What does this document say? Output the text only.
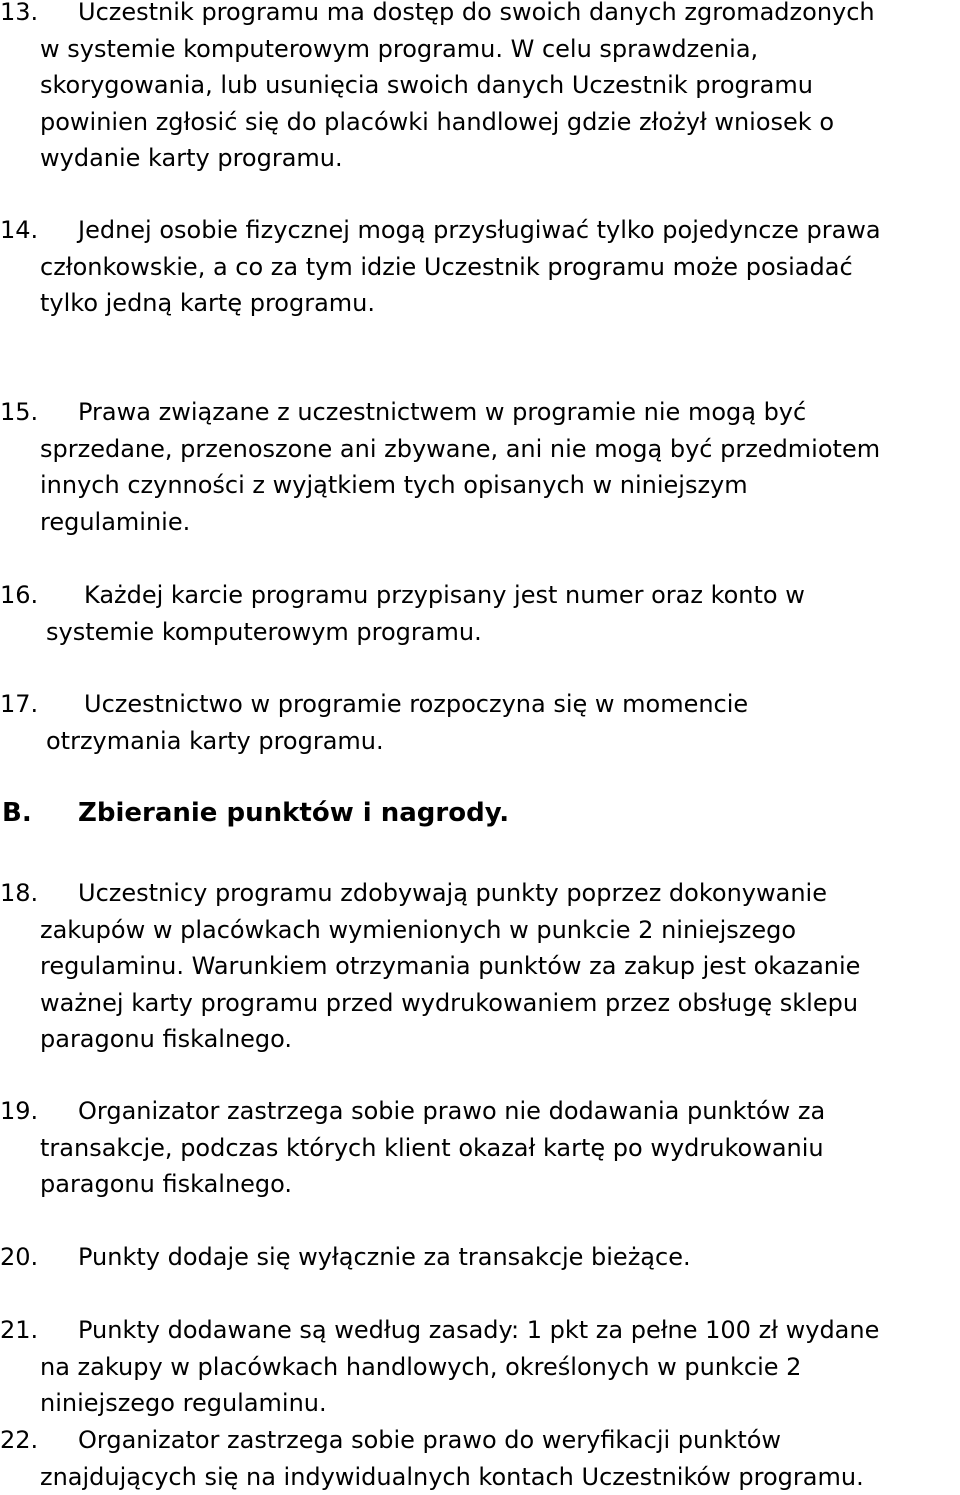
13. Uczestnik programu ma dostęp do swoich danych zgromadzonych
w systemie komputerowym programu. W celu sprawdzenia,
skorygowania, lub usunięcia swoich danych Uczestnik programu
powinien zgłosić się do placówki handlowej gdzie złożył wniosek o
wydanie karty programu.
14. Jednej osobie fizycznej mogą przysługiwać tylko pojedyncze prawa
członkowskie, a co za tym idzie Uczestnik programu może posiadać
tylko jedną kartę programu.
15. Prawa związane z uczestnictwem w programie nie mogą być
sprzedane, przenoszone ani zbywane, ani nie mogą być przedmiotem
innych czynności z wyjątkiem tych opisanych w niniejszym
regulaminie.
16. Każdej karcie programu przypisany jest numer oraz konto w
systemie komputerowym programu.
17. Uczestnictwo w programie rozpoczyna się w momencie
otrzymania karty programu.
B. Zbieranie punktów i nagrody.
18. Uczestnicy programu zdobywają punkty poprzez dokonywanie
zakupów w placówkach wymienionych w punkcie 2 niniejszego
regulaminu. Warunkiem otrzymania punktów za zakup jest okazanie
ważnej karty programu przed wydrukowaniem przez obsługę sklepu
paragonu fiskalnego.
19. Organizator zastrzega sobie prawo nie dodawania punktów za
transakcje, podczas których klient okazał kartę po wydrukowaniu
paragonu fiskalnego.
20. Punkty dodaje się wyłącznie za transakcje bieżące.
21. Punkty dodawane są według zasady: 1 pkt za pełne 100 zł wydane
na zakupy w placówkach handlowych, określonych w punkcie 2
niniejszego regulaminu.
22. Organizator zastrzega sobie prawo do weryfikacji punktów
znajdujących się na indywidualnych kontach Uczestników programu.
